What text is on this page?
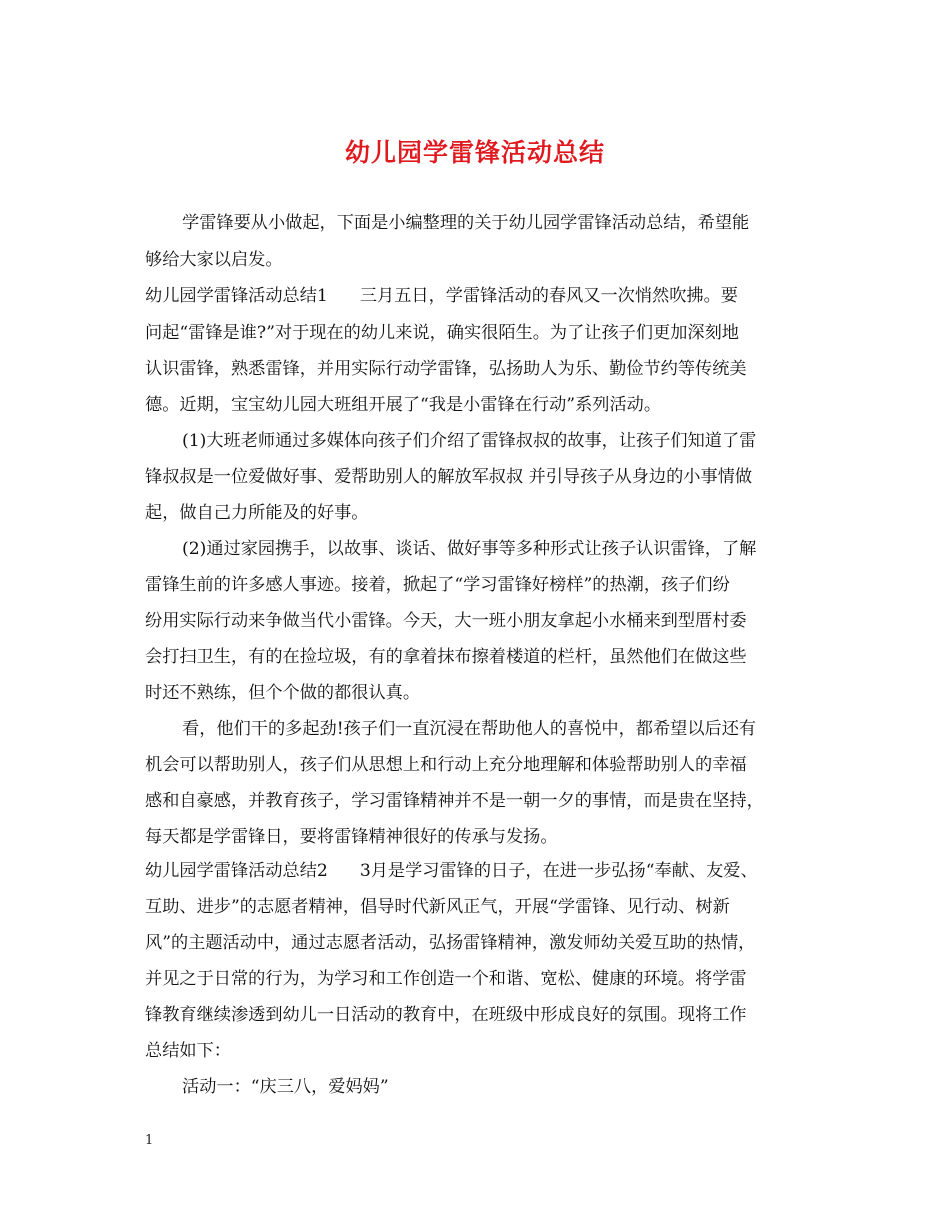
幼儿园学雷锋活动总结
学雷锋要从小做起，下面是小编整理的关于幼儿园学雷锋活动总结，希望能
够给大家以启发。
幼儿园学雷锋活动总结1 三月五日，学雷锋活动的春风又一次悄然吹拂。要
问起“雷锋是谁?”对于现在的幼儿来说，确实很陌生。为了让孩子们更加深刻地
认识雷锋，熟悉雷锋，并用实际行动学雷锋，弘扬助人为乐、勤俭节约等传统美
德。近期，宝宝幼儿园大班组开展了“我是小雷锋在行动”系列活动。
(1)大班老师通过多媒体向孩子们介绍了雷锋叔叔的故事，让孩子们知道了雷
锋叔叔是一位爱做好事、爱帮助别人的解放军叔叔 并引导孩子从身边的小事情做
起，做自己力所能及的好事。
(2)通过家园携手，以故事、谈话、做好事等多种形式让孩子认识雷锋，了解
雷锋生前的许多感人事迹。接着，掀起了“学习雷锋好榜样”的热潮，孩子们纷
纷用实际行动来争做当代小雷锋。今天，大一班小朋友拿起小水桶来到型厝村委
会打扫卫生，有的在捡垃圾，有的拿着抹布擦着楼道的栏杆，虽然他们在做这些
时还不熟练，但个个做的都很认真。
看，他们干的多起劲!孩子们一直沉浸在帮助他人的喜悦中，都希望以后还有
机会可以帮助别人，孩子们从思想上和行动上充分地理解和体验帮助别人的幸福
感和自豪感，并教育孩子，学习雷锋精神并不是一朝一夕的事情，而是贵在坚持，
每天都是学雷锋日，要将雷锋精神很好的传承与发扬。
幼儿园学雷锋活动总结2 3月是学习雷锋的日子，在进一步弘扬“奉献、友爱、
互助、进步”的志愿者精神，倡导时代新风正气，开展“学雷锋、见行动、树新
风”的主题活动中，通过志愿者活动，弘扬雷锋精神，激发师幼关爱互助的热情，
并见之于日常的行为，为学习和工作创造一个和谐、宽松、健康的环境。将学雷
锋教育继续渗透到幼儿一日活动的教育中，在班级中形成良好的氛围。现将工作
总结如下：
活动一：“庆三八，爱妈妈”
1
